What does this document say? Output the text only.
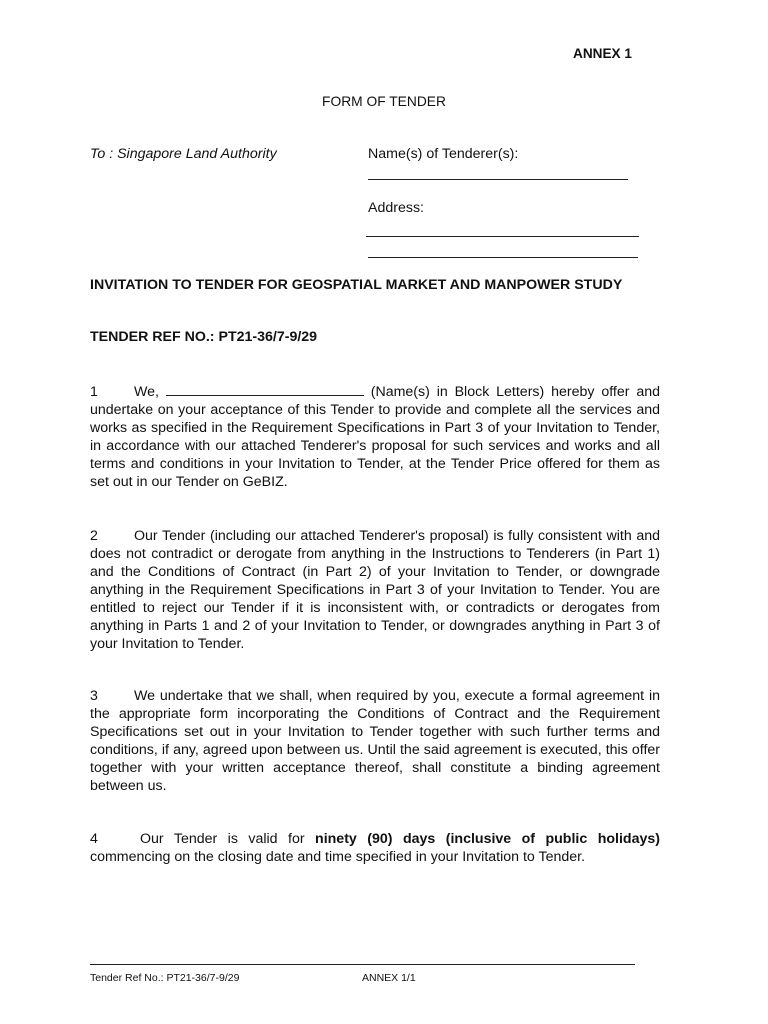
ANNEX 1
FORM OF TENDER
To : Singapore Land Authority	Name(s) of Tenderer(s):
Address:
INVITATION TO TENDER FOR GEOSPATIAL MARKET AND MANPOWER STUDY
TENDER REF NO.: PT21-36/7-9/29
1	We,	(Name(s) in Block Letters) hereby offer and undertake on your acceptance of this Tender to provide and complete all the services and works as specified in the Requirement Specifications in Part 3 of your Invitation to Tender, in accordance with our attached Tenderer's proposal for such services and works and all terms and conditions in your Invitation to Tender, at the Tender Price offered for them as set out in our Tender on GeBIZ.
2	Our Tender (including our attached Tenderer's proposal) is fully consistent with and does not contradict or derogate from anything in the Instructions to Tenderers (in Part 1) and the Conditions of Contract (in Part 2) of your Invitation to Tender, or downgrade anything in the Requirement Specifications in Part 3 of your Invitation to Tender. You are entitled to reject our Tender if it is inconsistent with, or contradicts or derogates from anything in Parts 1 and 2 of your Invitation to Tender, or downgrades anything in Part 3 of your Invitation to Tender.
3	We undertake that we shall, when required by you, execute a formal agreement in the appropriate form incorporating the Conditions of Contract and the Requirement Specifications set out in your Invitation to Tender together with such further terms and conditions, if any, agreed upon between us. Until the said agreement is executed, this offer together with your written acceptance thereof, shall constitute a binding agreement between us.
4	Our Tender is valid for ninety (90) days (inclusive of public holidays) commencing on the closing date and time specified in your Invitation to Tender.
Tender Ref No.: PT21-36/7-9/29	ANNEX 1/1
